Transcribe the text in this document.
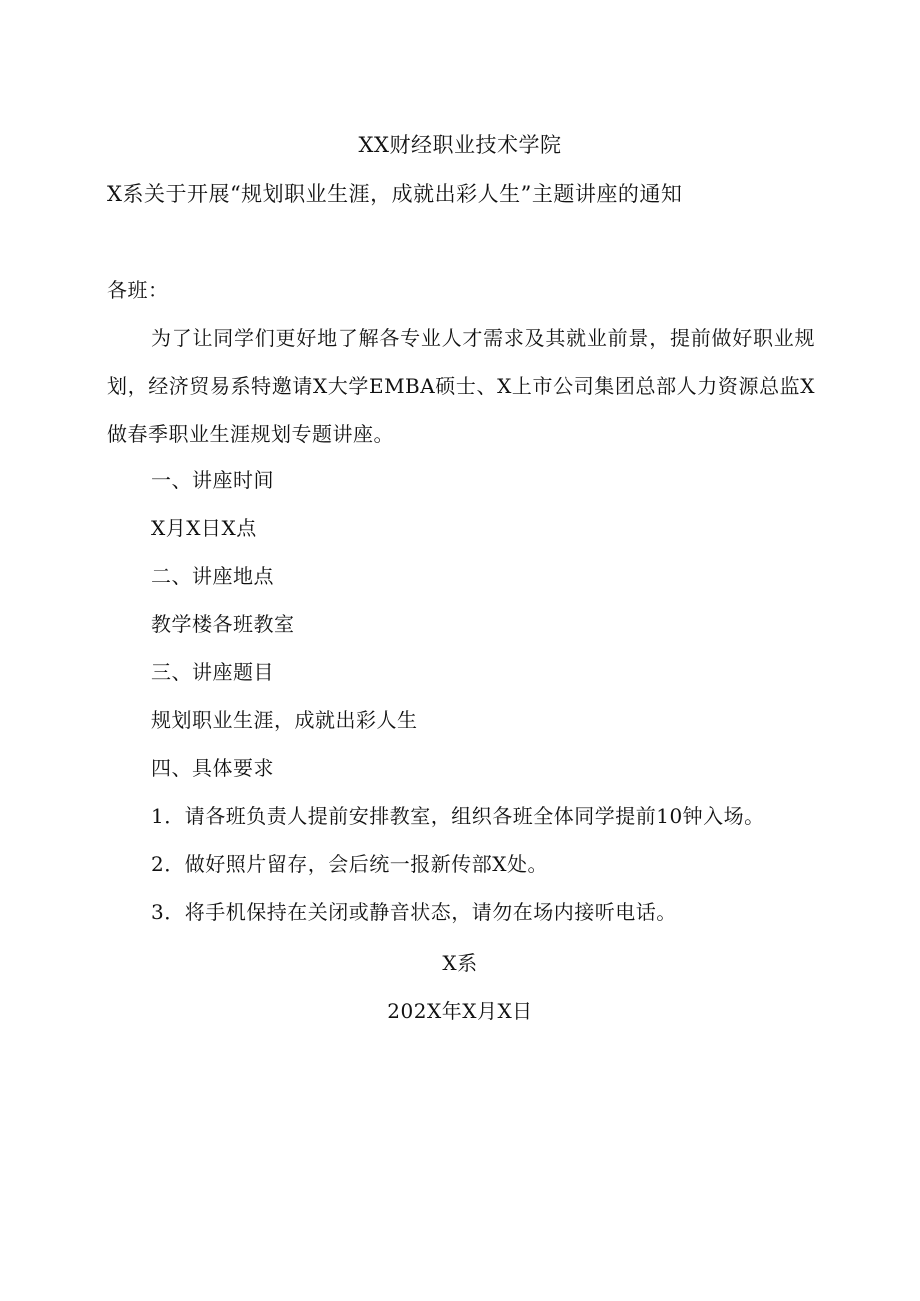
XX财经职业技术学院
X系关于开展“规划职业生涯，成就出彩人生”主题讲座的通知
各班：
为了让同学们更好地了解各专业人才需求及其就业前景，提前做好职业规划，经济贸易系特邀请X大学EMBA硕士、X上市公司集团总部人力资源总监X做春季职业生涯规划专题讲座。
一、讲座时间
X月X日X点
二、讲座地点
教学楼各班教室
三、讲座题目
规划职业生涯，成就出彩人生
四、具体要求
1．请各班负责人提前安排教室，组织各班全体同学提前10钟入场。
2．做好照片留存，会后统一报新传部X处。
3．将手机保持在关闭或静音状态，请勿在场内接听电话。
X系
202X年X月X日
